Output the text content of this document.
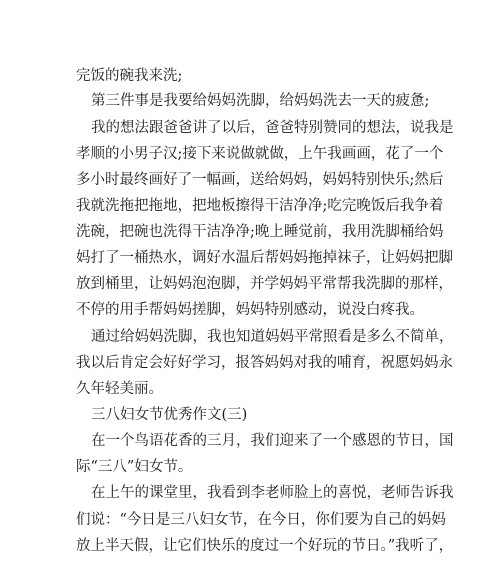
完饭的碗我来洗;

第三件事是我要给妈妈洗脚，给妈妈洗去一天的疲惫;

我的想法跟爸爸讲了以后，爸爸特别赞同的想法，说我是

孝顺的小男子汉;接下来说做就做，上午我画画，花了一个

多小时最终画好了一幅画，送给妈妈，妈妈特别快乐;然后

我就洗拖把拖地，把地板擦得干洁净净;吃完晚饭后我争着

洗碗，把碗也洗得干洁净净;晚上睡觉前，我用洗脚桶给妈

妈打了一桶热水，调好水温后帮妈妈拖掉袜子，让妈妈把脚

放到桶里，让妈妈泡泡脚，并学妈妈平常帮我洗脚的那样，

不停的用手帮妈妈搓脚，妈妈特别感动，说没白疼我。

通过给妈妈洗脚，我也知道妈妈平常照看是多么不简单，

我以后肯定会好好学习，报答妈妈对我的哺育，祝愿妈妈永

久年轻美丽。

三八妇女节优秀作文(三)

在一个鸟语花香的三月，我们迎来了一个感恩的节日，国

际“三八”妇女节。

在上午的课堂里，我看到李老师脸上的喜悦，老师告诉我

们说：“今日是三八妇女节，在今日，你们要为自己的妈妈

放上半天假，让它们快乐的度过一个好玩的节日。”我听了，
